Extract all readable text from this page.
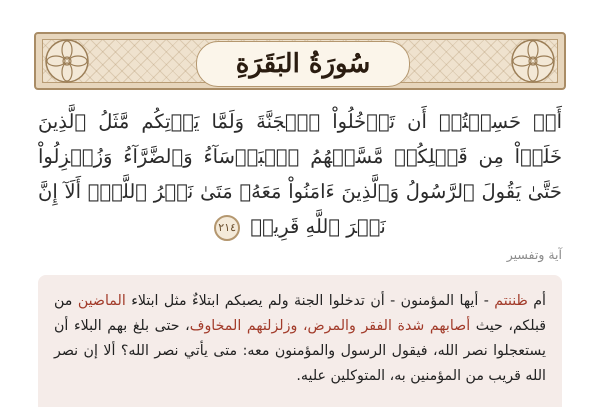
سُورَةُ البَقَرَةِ
أَمۡ حَسِبۡتُمۡ أَن تَدۡخُلُواْ ٱلۡجَنَّةَ وَلَمَّا يَأۡتِكُم مَّثَلُ ٱلَّذِينَ خَلَوۡاْ مِن قَبۡلِكُمۖ مَّسَّتۡهُمُ ٱلۡبَأۡسَآءُ وَٱلضَّرَّآءُ وَزُلۡزِلُواْ حَتَّىٰ يَقُولَ ٱلرَّسُولُ وَٱلَّذِينَ ءَامَنُواْ مَعَهُۥ مَتَىٰ نَصۡرُ ٱللَّهِۗ أَلَآ إِنَّ نَصۡرَ ٱللَّهِ قَرِيبٞ ٢١٤
آية وتفسير
أم ظننتم - أيها المؤمنون - أن تدخلوا الجنة ولم يصبكم ابتلاءٌ مثل ابتلاء الماضين من قبلكم، حيث أصابهم شدة الفقر والمرض، وزلزلتهم المخاوف، حتى بلغ بهم البلاء أن يستعجلوا نصر الله، فيقول الرسول والمؤمنون معه: متى يأتي نصر الله؟ ألا إن نصر الله قريب من المؤمنين به، المتوكلين عليه.
